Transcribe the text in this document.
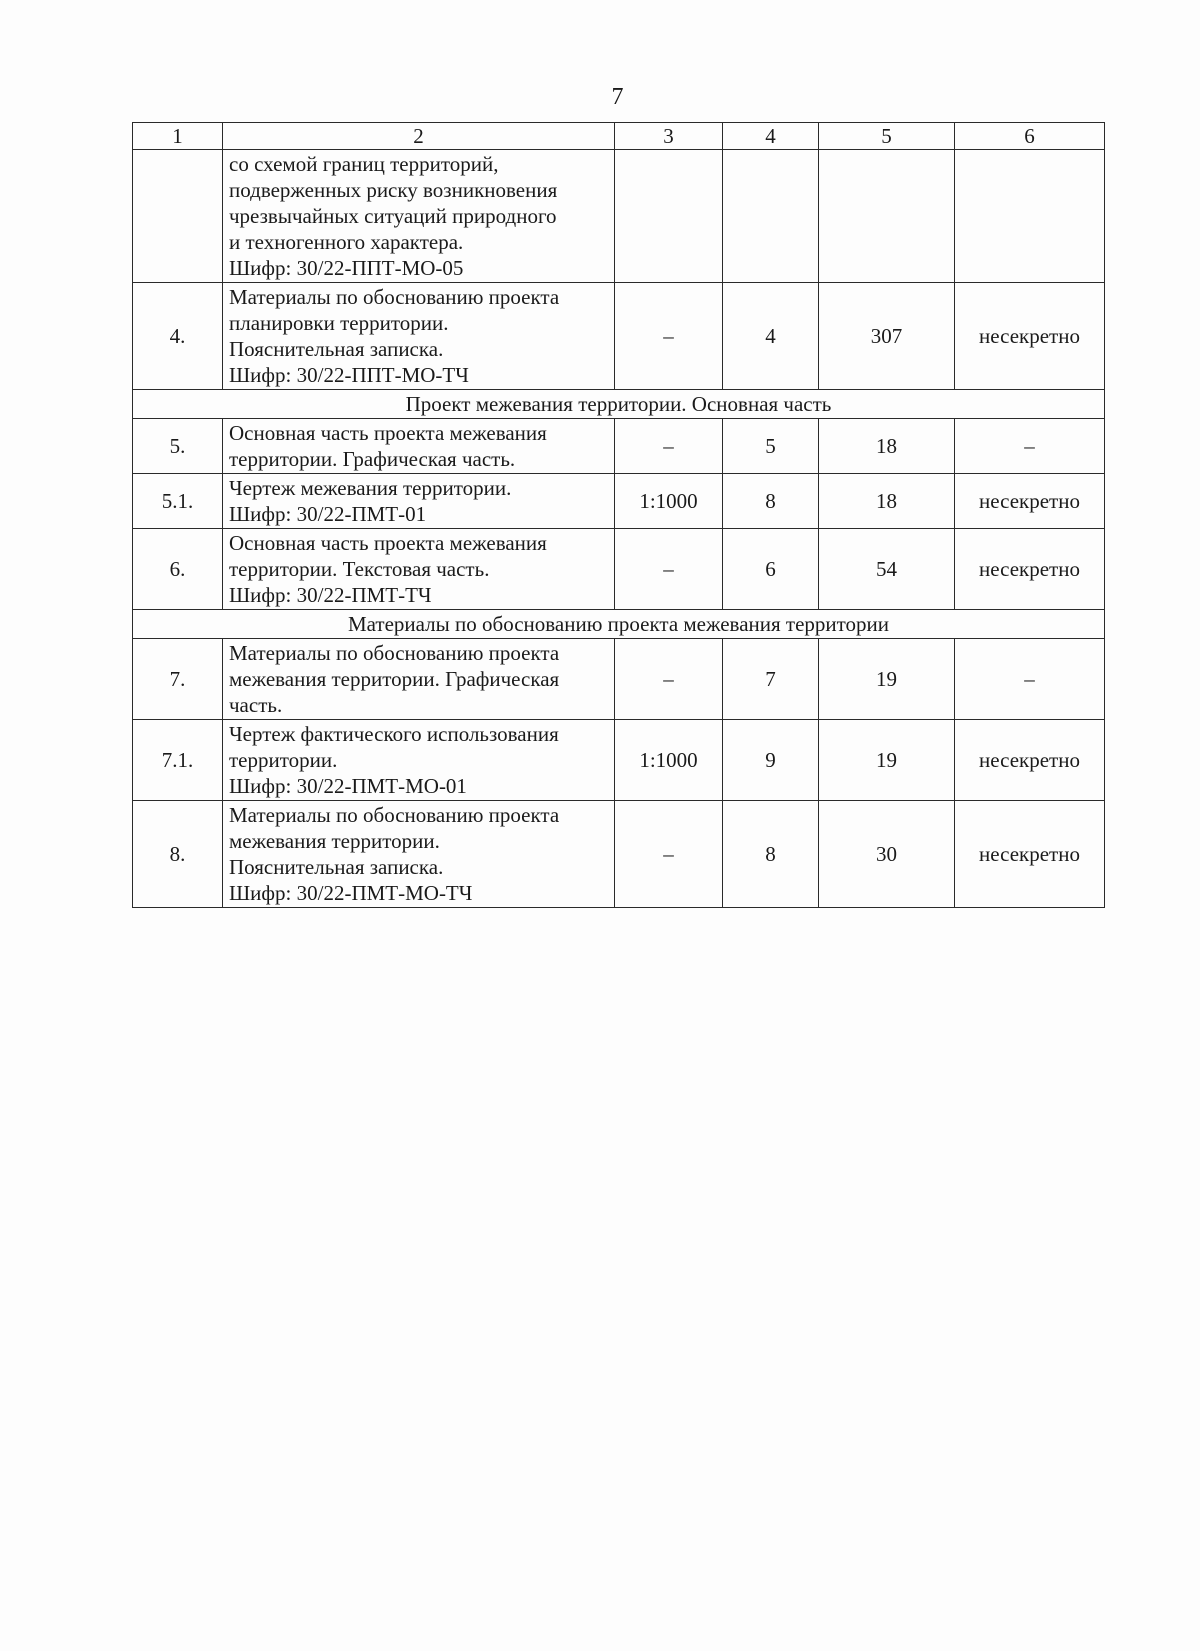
7
1	2	3	4	5	6

	со схемой границ территорий,
подверженных риску возникновения
чрезвычайных ситуаций природного
и техногенного характера.
Шифр: 30/22-ППТ-МО-05				

4.	Материалы по обоснованию проекта
планировки территории.
Пояснительная записка.
Шифр: 30/22-ППТ-МО-ТЧ	–	4	307	несекретно
Проект межевания территории. Основная часть					
5.	Основная часть проекта межевания
территории. Графическая часть.	–	5	18	–
5.1.	Чертеж межевания территории.
Шифр: 30/22-ПМТ-01	1:1000	8	18	несекретно
6.	Основная часть проекта межевания
территории. Текстовая часть.
Шифр: 30/22-ПМТ-ТЧ	–	6	54	несекретно
Материалы по обоснованию проекта межевания территории					
7.	Материалы по обоснованию проекта
межевания территории. Графическая
часть.	–	7	19	–
7.1.	Чертеж фактического использования
территории.
Шифр: 30/22-ПМТ-МО-01	1:1000	9	19	несекретно
8.	Материалы по обоснованию проекта
межевания территории.
Пояснительная записка.
Шифр: 30/22-ПМТ-МО-ТЧ	–	8	30	несекретно
